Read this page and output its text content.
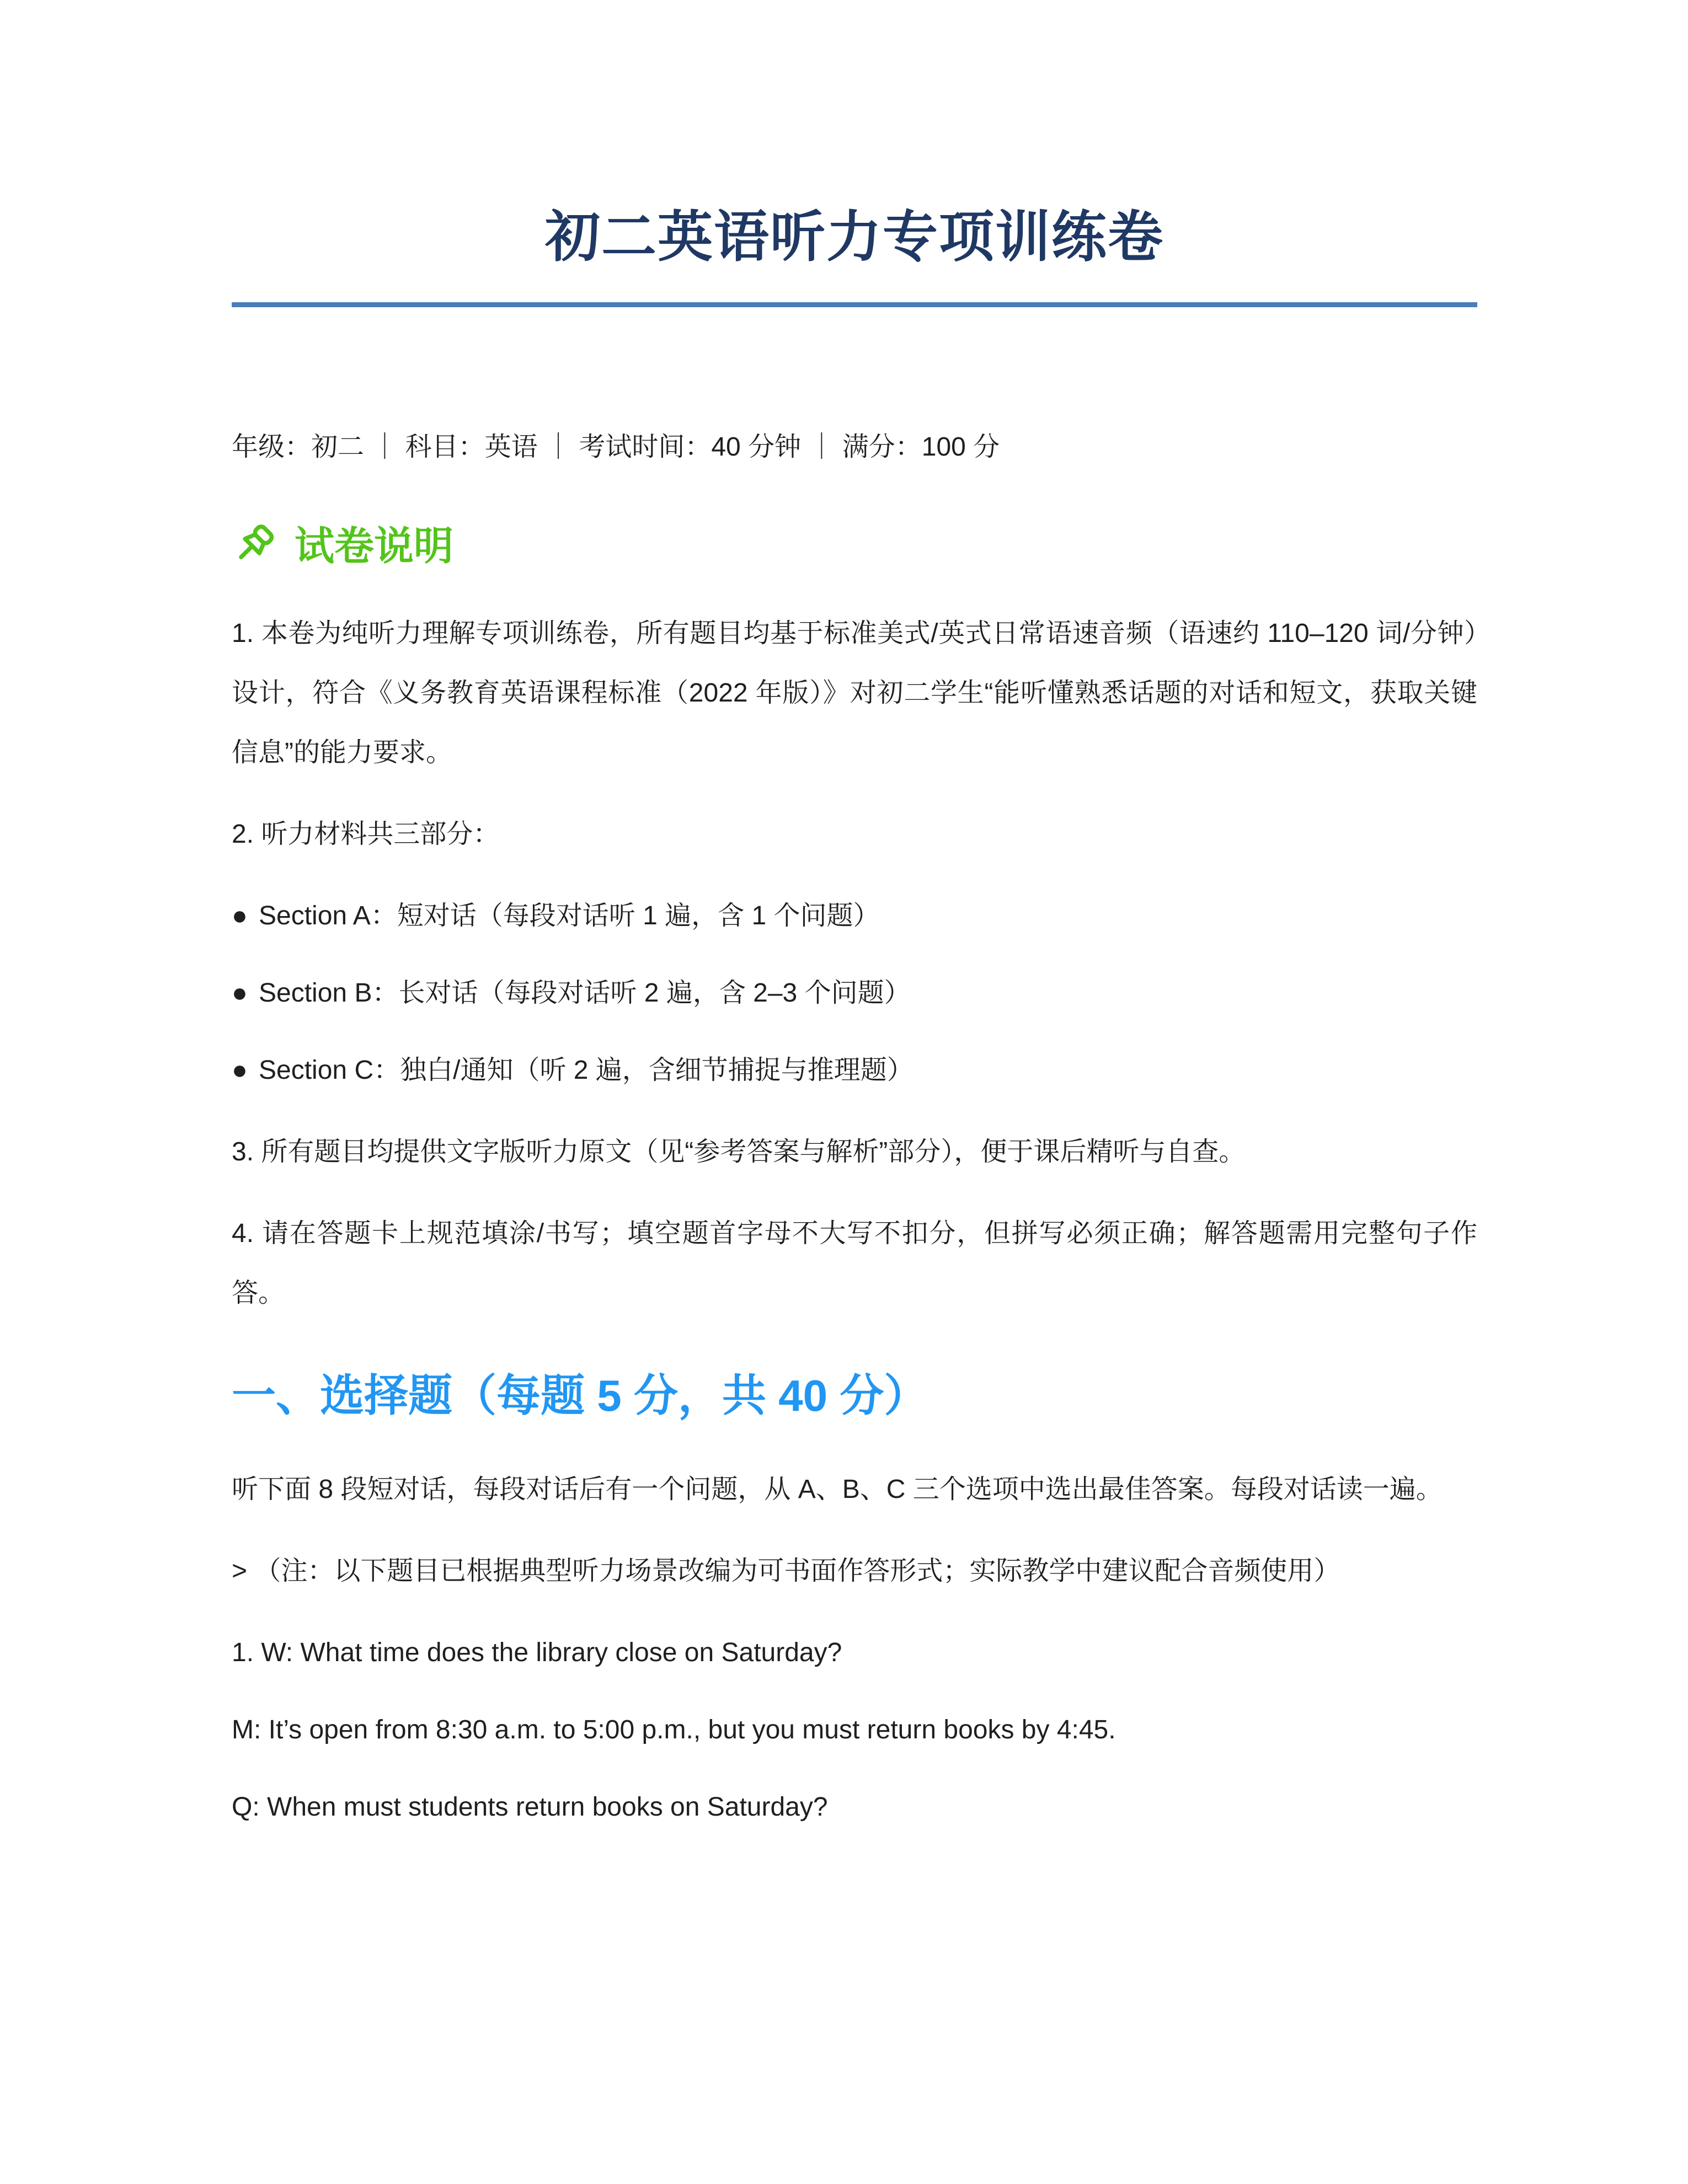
初二英语听力专项训练卷

年级：初二 ｜ 科目：英语 ｜ 考试时间：40 分钟 ｜ 满分：100 分

试卷说明

1. 本卷为纯听力理解专项训练卷，所有题目均基于标准美式/英式日常语速音频（语速约 110–120 词/分钟）设计，符合《义务教育英语课程标准（2022 年版）》对初二学生“能听懂熟悉话题的对话和短文，获取关键信息”的能力要求。

2. 听力材料共三部分：

● Section A：短对话（每段对话听 1 遍，含 1 个问题）

● Section B：长对话（每段对话听 2 遍，含 2–3 个问题）

● Section C：独白/通知（听 2 遍，含细节捕捉与推理题）

3. 所有题目均提供文字版听力原文（见“参考答案与解析”部分），便于课后精听与自查。

4. 请在答题卡上规范填涂/书写；填空题首字母不大写不扣分，但拼写必须正确；解答题需用完整句子作答。

一、选择题（每题 5 分，共 40 分）

听下面 8 段短对话，每段对话后有一个问题，从 A、B、C 三个选项中选出最佳答案。每段对话读一遍。

> （注：以下题目已根据典型听力场景改编为可书面作答形式；实际教学中建议配合音频使用）

1. W: What time does the library close on Saturday?

M: It’s open from 8:30 a.m. to 5:00 p.m., but you must return books by 4:45.

Q: When must students return books on Saturday?
